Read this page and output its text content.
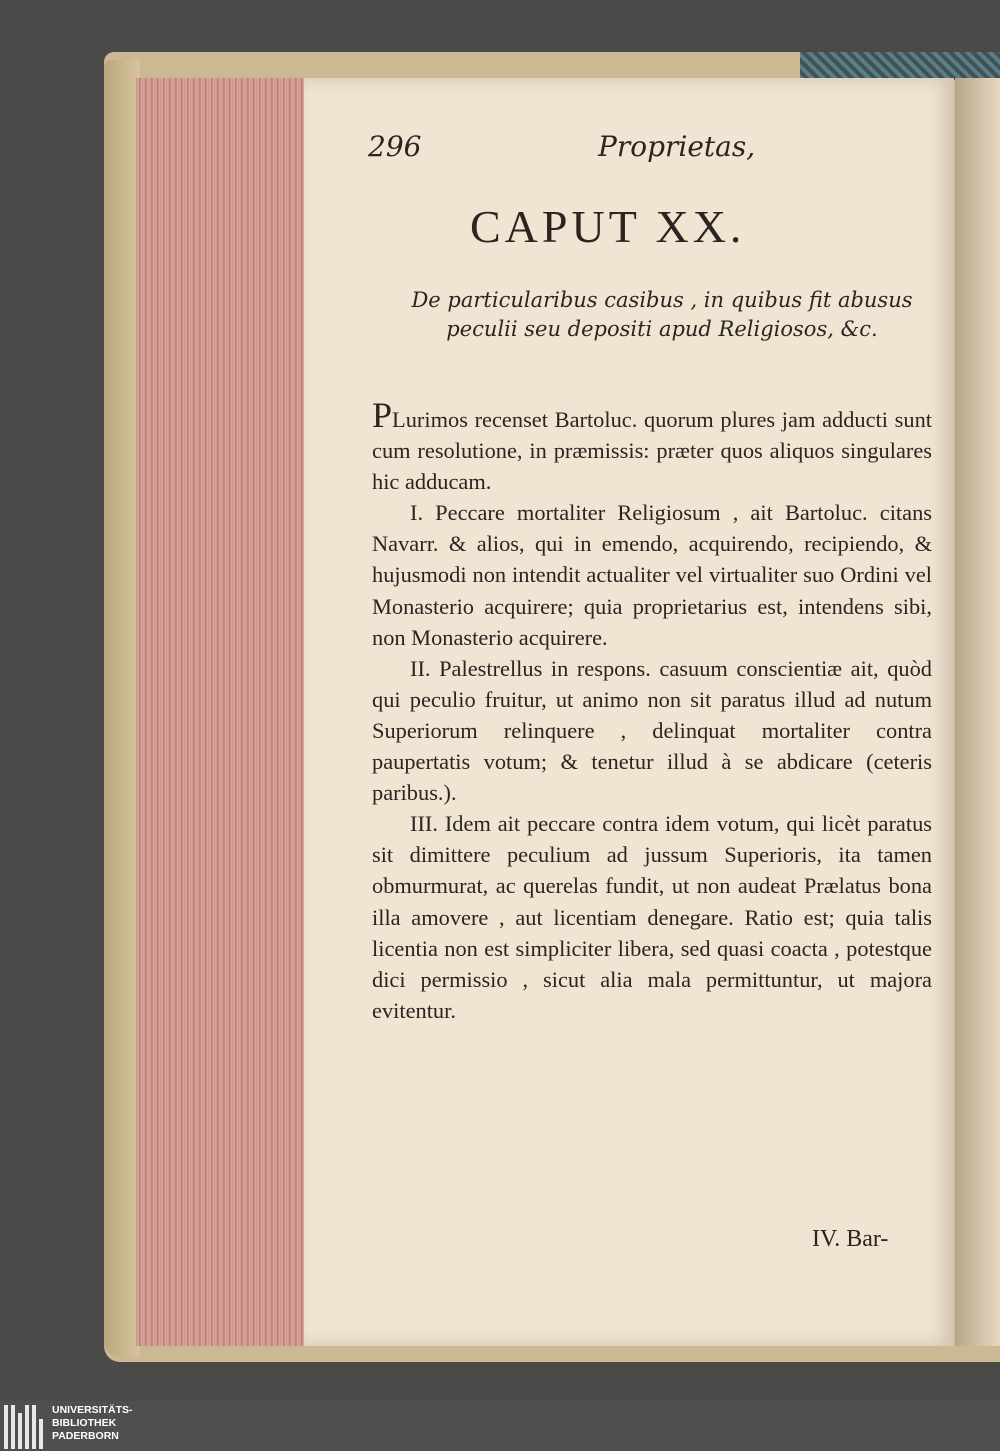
296	Proprietas,
CAPUT XX.
De particularibus casibus , in quibus fit abusus
peculii seu depositi apud Religiosos, &c.

PLurimos recenset Bartoluc. quorum plures jam adducti sunt cum resolutione, in præmissis: præter quos aliquos singulares hic adducam.

I. Peccare mortaliter Religiosum , ait Bartoluc. citans Navarr. & alios, qui in emendo, acquirendo, recipiendo, & hujusmodi non intendit actualiter vel virtualiter suo Ordini vel Monasterio acquirere; quia proprietarius est, intendens sibi, non Monasterio acquirere.

II. Palestrellus in respons. casuum conscientiæ ait, quòd qui peculio fruitur, ut animo non sit paratus illud ad nutum Superiorum relinquere , delinquat mortaliter contra paupertatis votum; & tenetur illud à se abdicare (ceteris paribus.).

III. Idem ait peccare contra idem votum, qui licèt paratus sit dimittere peculium ad jussum Superioris, ita tamen obmurmurat, ac querelas fundit, ut non audeat Prælatus bona illa amovere , aut licentiam denegare. Ratio est; quia talis licentia non est simpliciter libera, sed quasi coacta , potestque dici permissio , sicut alia mala permittuntur, ut majora evitentur.

IV. Bar-
UNIVERSITÄTS-
BIBLIOTHEK
PADERBORN
